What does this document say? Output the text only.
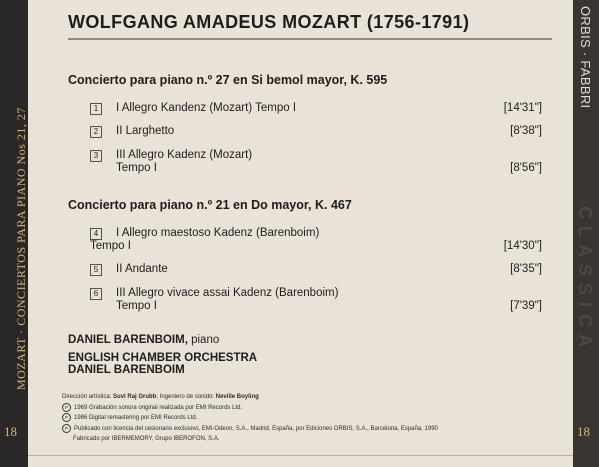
MOZART · CONCIERTOS PARA PIANO Nos 21, 27
18
ORBIS · FABBRI
CLASSICA
18
WOLFGANG AMADEUS MOZART (1756-1791)
Concierto para piano n.º 27 en Si bemol mayor, K. 595
1	I Allegro Kandenz (Mozart) Tempo I	[14'31"]
2	II Larghetto	[8'38"]
3	III Allegro Kadenz (Mozart)
Tempo I	[8'56"]
Concierto para piano n.º 21 en Do mayor, K. 467
4	I Allegro maestoso Kadenz (Barenboim)
Tempo I	[14'30"]
5	II Andante	[8'35"]
6	III Allegro vivace assai Kadenz (Barenboim)
Tempo I	[7'39"]
DANIEL BARENBOIM, piano
ENGLISH CHAMBER ORCHESTRA
DANIEL BARENBOIM
Dirección artística: Suvi Raj Grubb; Ingeniero de sonido: Neville Boyling
P 1969 Grabación sonora original realizada por EMI Records Ltd.
P 1986 Digital remastering por EMI Records Ltd.
P Publicado con licencia del cesionario exclusivo, EMI-Odeon, S.A., Madrid, España, por Ediciones ORBIS, S.A., Barcelona, España, 1990
Fabricado por IBERMEMORY, Grupo IBEROFON, S.A.
